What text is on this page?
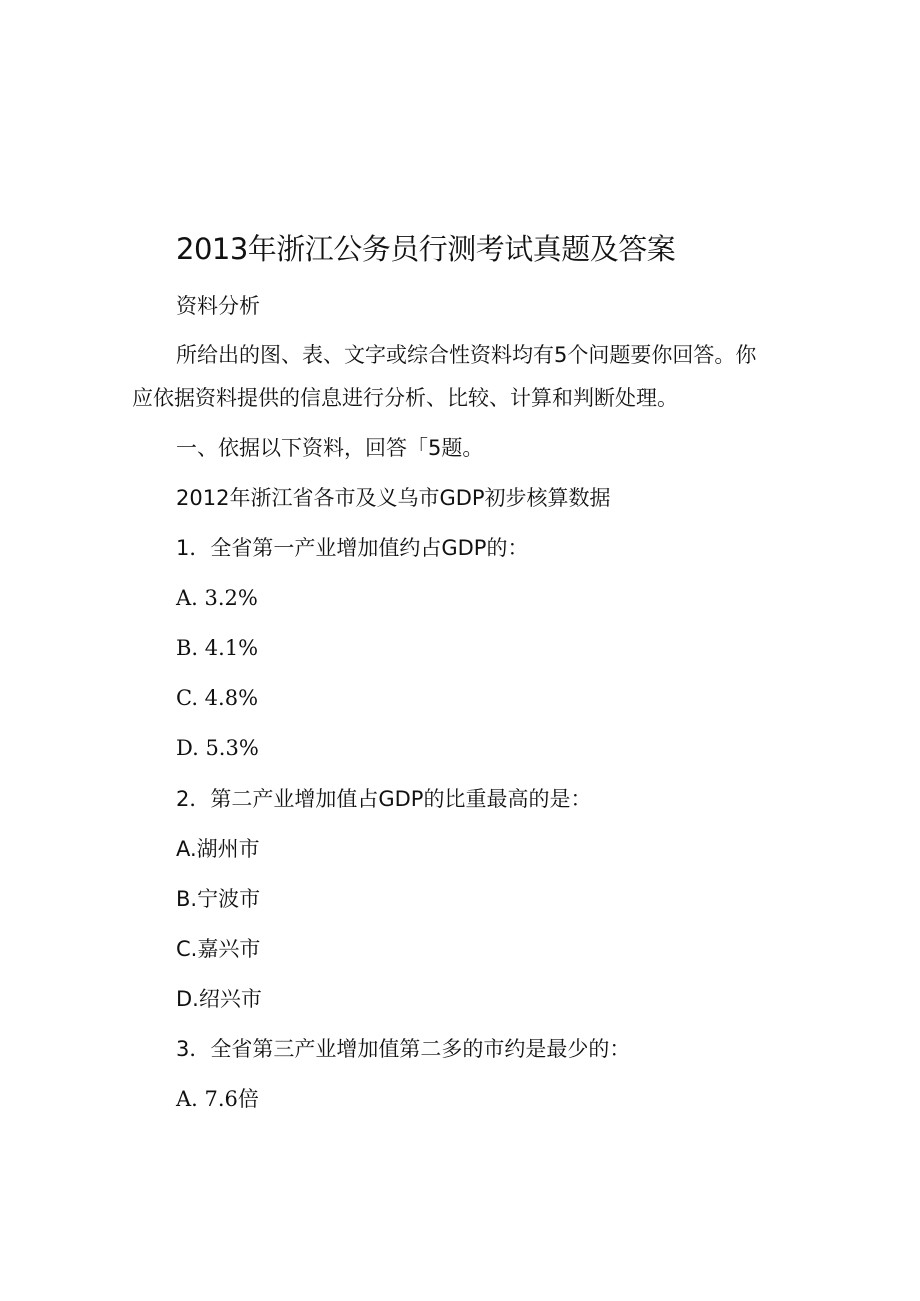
2013年浙江公务员行测考试真题及答案
资料分析
所给出的图、表、文字或综合性资料均有5个问题要你回答。你
应依据资料提供的信息进行分析、比较、计算和判断处理。
一、依据以下资料，回答「5题。
2012年浙江省各市及义乌市GDP初步核算数据
1．全省第一产业增加值约占GDP的：
A. 3.2%
B. 4.1%
C. 4.8%
D. 5.3%
2．第二产业增加值占GDP的比重最高的是：
A.湖州市
B.宁波市
C.嘉兴市
D.绍兴市
3．全省第三产业增加值第二多的市约是最少的：
A. 7.6倍
